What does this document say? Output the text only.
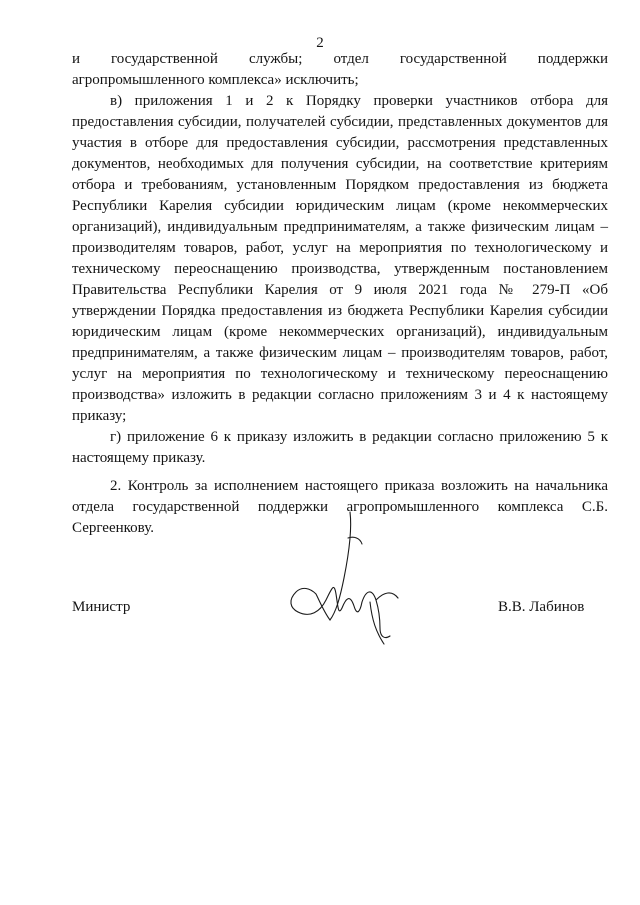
2

и государственной службы; отдел государственной поддержки агропромышленного комплекса» исключить;

в) приложения 1 и 2 к Порядку проверки участников отбора для предоставления субсидии, получателей субсидии, представленных документов для участия в отборе для предоставления субсидии, рассмотрения представленных документов, необходимых для получения субсидии, на соответствие критериям отбора и требованиям, установленным Порядком предоставления из бюджета Республики Карелия субсидии юридическим лицам (кроме некоммерческих организаций), индивидуальным предпринимателям, а также физическим лицам – производителям товаров, работ, услуг на мероприятия по технологическому и техническому переоснащению производства, утвержденным постановлением Правительства Республики Карелия от 9 июля 2021 года № 279-П «Об утверждении Порядка предоставления из бюджета Республики Карелия субсидии юридическим лицам (кроме некоммерческих организаций), индивидуальным предпринимателям, а также физическим лицам – производителям товаров, работ, услуг на мероприятия по технологическому и техническому переоснащению производства» изложить в редакции согласно приложениям 3 и 4 к настоящему приказу;

г) приложение 6 к приказу изложить в редакции согласно приложению 5 к настоящему приказу.

2. Контроль за исполнением настоящего приказа возложить на начальника отдела государственной поддержки агропромышленного комплекса С.Б. Сергеенкову.

Министр	В.В. Лабинов
